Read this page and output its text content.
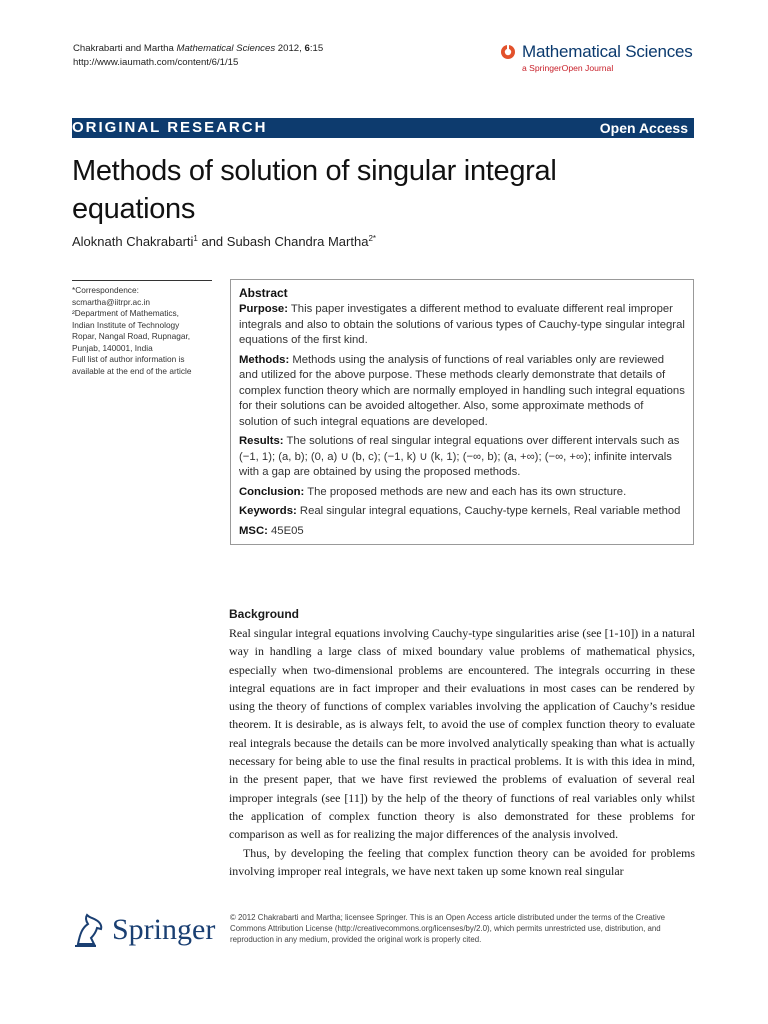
Chakrabarti and Martha Mathematical Sciences 2012, 6:15
http://www.iaumath.com/content/6/1/15
Mathematical Sciences
a SpringerOpen Journal
ORIGINAL RESEARCH	Open Access
Methods of solution of singular integral equations
Aloknath Chakrabarti$^1$ and Subash Chandra Martha$^{2*}$
*Correspondence:
scmartha@iitrpr.ac.in
²Department of Mathematics,
Indian Institute of Technology
Ropar, Nangal Road, Rupnagar,
Punjab, 140001, India
Full list of author information is
available at the end of the article
Abstract

Purpose: This paper investigates a different method to evaluate different real improper integrals and also to obtain the solutions of various types of Cauchy-type singular integral equations of the first kind.

Methods: Methods using the analysis of functions of real variables only are reviewed and utilized for the above purpose. These methods clearly demonstrate that details of complex function theory which are normally employed in handling such integral equations for their solutions can be avoided altogether. Also, some approximate methods of solution of such integral equations are developed.

Results: The solutions of real singular integral equations over different intervals such as (−1, 1); (a, b); (0, a) ∪ (b, c); (−1, k) ∪ (k, 1); (−∞, b); (a, +∞); (−∞, +∞); infinite intervals with a gap are obtained by using the proposed methods.

Conclusion: The proposed methods are new and each has its own structure.

Keywords: Real singular integral equations, Cauchy-type kernels, Real variable method

MSC: 45E05

Background

Real singular integral equations involving Cauchy-type singularities arise (see [1-10]) in a natural way in handling a large class of mixed boundary value problems of mathematical physics, especially when two-dimensional problems are encountered. The integrals occurring in these integral equations are in fact improper and their evaluations in most cases can be rendered by using the theory of functions of complex variables involving the application of Cauchy’s residue theorem. It is desirable, as is always felt, to avoid the use of complex function theory to evaluate real integrals because the details can be more involved analytically speaking than what is actually necessary for being able to use the final results in practical problems. It is with this idea in mind, in the present paper, that we have first reviewed the problems of evaluation of several real improper integrals (see [11]) by the help of the theory of functions of real variables only whilst the application of complex function theory is also demonstrated for these problems for comparison as well as for realizing the major differences of the analysis involved.

Thus, by developing the feeling that complex function theory can be avoided for problems involving improper real integrals, we have next taken up some known real singular

Springer © 2012 Chakrabarti and Martha; licensee Springer. This is an Open Access article distributed under the terms of the Creative Commons Attribution License (http://creativecommons.org/licenses/by/2.0), which permits unrestricted use, distribution, and reproduction in any medium, provided the original work is properly cited.
